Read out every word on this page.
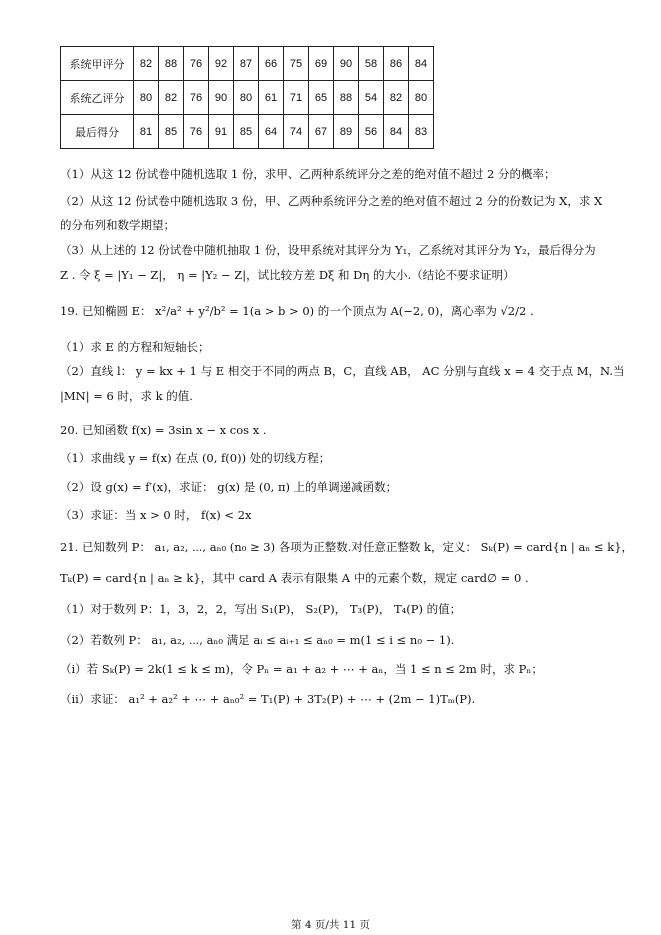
系统甲评分	82	88	76	92	87	66	75	69	90	58	86	84
系统乙评分	80	82	76	90	80	61	71	65	88	54	82	80
最后得分	81	85	76	91	85	64	74	67	89	56	84	83
（1）从这 12 份试卷中随机选取 1 份，求甲、乙两种系统评分之差的绝对值不超过 2 分的概率；
（2）从这 12 份试卷中随机选取 3 份，甲、乙两种系统评分之差的绝对值不超过 2 分的份数记为 X，求 X
的分布列和数学期望；
（3）从上述的 12 份试卷中随机抽取 1 份，设甲系统对其评分为 Y₁，乙系统对其评分为 Y₂，最后得分为
Z . 令 ξ = |Y₁ − Z|， η = |Y₂ − Z|，试比较方差 Dξ 和 Dη 的大小.（结论不要求证明）
19. 已知椭圆 E： x²/a² + y²/b² = 1(a > b > 0) 的一个顶点为 A(−2, 0)，离心率为 √2/2 .
（1）求 E 的方程和短轴长；
（2）直线 l： y = kx + 1 与 E 相交于不同的两点 B，C，直线 AB， AC 分别与直线 x = 4 交于点 M，N.当
|MN| = 6 时，求 k 的值.
20. 已知函数 f(x) = 3sin x − x cos x .
（1）求曲线 y = f(x) 在点 (0, f(0)) 处的切线方程；
（2）设 g(x) = f′(x)，求证： g(x) 是 (0, π) 上的单调递减函数；
（3）求证：当 x > 0 时， f(x) < 2x
21. 已知数列 P： a₁, a₂, ⋯, aₙ₀ (n₀ ≥ 3) 各项为正整数.对任意正整数 k，定义： Sₖ(P) = card{n | aₙ ≤ k}，
Tₖ(P) = card{n | aₙ ≥ k}，其中 card A 表示有限集 A 中的元素个数，规定 card∅ = 0 .
（1）对于数列 P：1，3，2，2，写出 S₁(P)， S₂(P)， T₃(P)， T₄(P) 的值；
（2）若数列 P： a₁, a₂, ⋯, aₙ₀ 满足 aᵢ ≤ aᵢ₊₁ ≤ aₙ₀ = m(1 ≤ i ≤ n₀ − 1).
（i）若 Sₖ(P) = 2k(1 ≤ k ≤ m)，令 Pₙ = a₁ + a₂ + ⋯ + aₙ，当 1 ≤ n ≤ 2m 时，求 Pₙ；
（ii）求证： a₁² + a₂² + ⋯ + aₙ₀² = T₁(P) + 3T₂(P) + ⋯ + (2m − 1)Tₘ(P).
第 4 页/共 11 页
